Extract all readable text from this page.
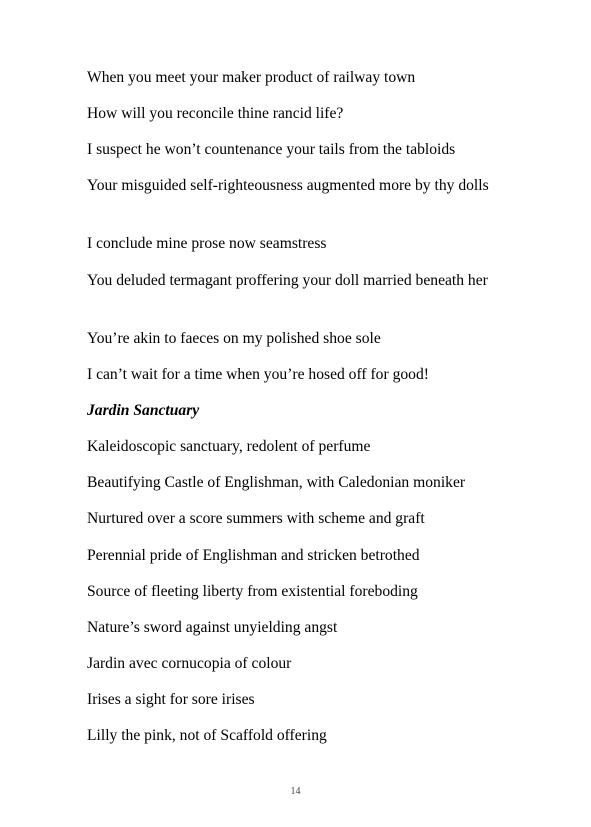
When you meet your maker product of railway town

How will you reconcile thine rancid life?

I suspect he won’t countenance your tails from the tabloids

Your misguided self-righteousness augmented more by thy dolls

I conclude mine prose now seamstress

You deluded termagant proffering your doll married beneath her

You’re akin to faeces on my polished shoe sole

I can’t wait for a time when you’re hosed off for good!

Jardin Sanctuary

Kaleidoscopic sanctuary, redolent of perfume

Beautifying Castle of Englishman, with Caledonian moniker

Nurtured over a score summers with scheme and graft

Perennial pride of Englishman and stricken betrothed

Source of fleeting liberty from existential foreboding

Nature’s sword against unyielding angst

Jardin avec cornucopia of colour

Irises a sight for sore irises

Lilly the pink, not of Scaffold offering

14
